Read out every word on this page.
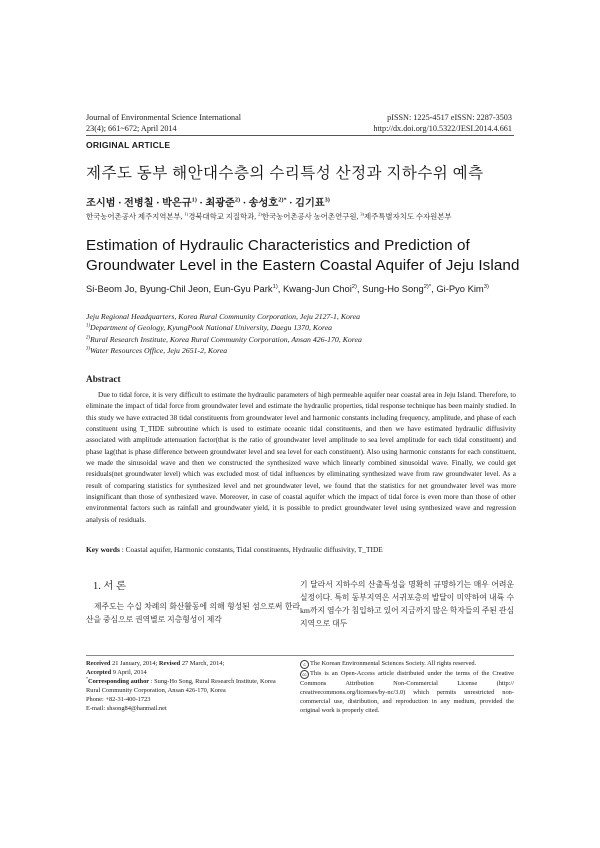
Journal of Environmental Science International
23(4); 661~672; April 2014
pISSN: 1225-4517 eISSN: 2287-3503
http://dx.doi.org/10.5322/JESI.2014.4.661
ORIGINAL ARTICLE
제주도 동부 해안대수층의 수리특성 산정과 지하수위 예측
조시범 · 전병칠 · 박은규$^{1)}$ · 최광준$^{2)}$ · 송성호$^{2)*}$ · 김기표$^{3)}$
한국농어촌공사 제주지역본부, $^{1)}$경북대학교 지질학과, $^{2)}$한국농어촌공사 농어촌연구원, $^{3)}$제주특별자치도 수자원본부
Estimation of Hydraulic Characteristics and Prediction of Groundwater Level in the Eastern Coastal Aquifer of Jeju Island
Si-Beom Jo, Byung-Chil Jeon, Eun-Gyu Park$^{1)}$, Kwang-Jun Choi$^{2)}$, Sung-Ho Song$^{2)*}$, Gi-Pyo Kim$^{3)}$
Jeju Regional Headquarters, Korea Rural Community Corporation, Jeju 2127-1, Korea
$^{1)}$Department of Geology, KyungPook National University, Daegu 1370, Korea
$^{2)}$Rural Research Institute, Korea Rural Community Corporation, Ansan 426-170, Korea
$^{3)}$Water Resources Office, Jeju 2651-2, Korea
Abstract
Due to tidal force, it is very difficult to estimate the hydraulic parameters of high permeable aquifer near coastal area in Jeju Island. Therefore, to eliminate the impact of tidal force from groundwater level and estimate the hydraulic properties, tidal response technique has been mainly studied. In this study we have extracted 38 tidal constituents from groundwater level and harmonic constants including frequency, amplitude, and phase of each constituent using T_TIDE subroutine which is used to estimate oceanic tidal constituents, and then we have estimated hydraulic diffusivity associated with amplitude attenuation factor(that is the ratio of groundwater level amplitude to sea level amplitude for each tidal constituent) and phase lag(that is phase difference between groundwater level and sea level for each constituent). Also using harmonic constants for each constituent, we made the sinusoidal wave and then we constructed the synthesized wave which linearly combined sinusoidal wave. Finally, we could get residuals(net groundwater level) which was excluded most of tidal influences by eliminating synthesized wave from raw groundwater level. As a result of comparing statistics for synthesized level and net groundwater level, we found that the statistics for net groundwater level was more insignificant than those of synthesized wave. Moreover, in case of coastal aquifer which the impact of tidal force is even more than those of other environmental factors such as rainfall and groundwater yield, it is possible to predict groundwater level using synthesized wave and regression analysis of residuals.
Key words : Coastal aquifer, Harmonic constants, Tidal constituents, Hydraulic diffusivity, T_TIDE
1. 서 론
제주도는 수십 차례의 화산활동에 의해 형성된 섬으로써 한라산을 중심으로 권역별로 지층형성이 제각
기 달라서 지하수의 산출특성을 명확히 규명하기는 매우 어려운 실정이다. 특히 동부지역은 서귀포층의 발달이 미약하여 내륙 수 km까지 염수가 침입하고 있어 지금까지 많은 학자들의 주된 관심지역으로 대두
Received 21 January, 2014; Revised 27 March, 2014;
Accepted 9 April, 2014
*Corresponding author : Sung-Ho Song, Rural Research Institute, Korea Rural Community Corporation, Ansan 426-170, Korea
Phone: +82-31-400-1723
E-mail: shsong84@hanmail.net
c The Korean Environmental Sciences Society. All rights reserved.
cc This is an Open-Access article distributed under the terms of the Creative Commons Attribution Non-Commercial License (http:// creativecommons.org/licenses/by-nc/3.0) which permits unrestricted non-commercial use, distribution, and reproduction in any medium, provided the original work is properly cited.
